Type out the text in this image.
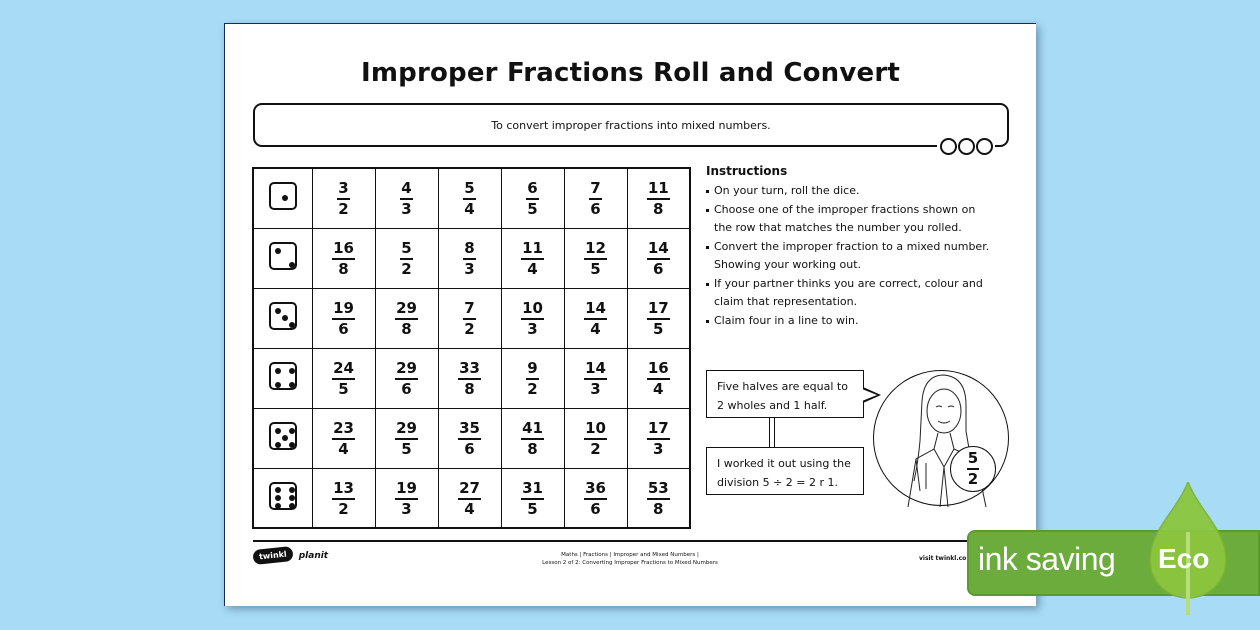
Improper Fractions Roll and Convert
To convert improper fractions into mixed numbers.

	$\frac{3}{2}$	$\frac{4}{3}$	$\frac{5}{4}$	$\frac{6}{5}$	$\frac{7}{6}$	$\frac{11}{8}$

	$\frac{16}{8}$	$\frac{5}{2}$	$\frac{8}{3}$	$\frac{11}{4}$	$\frac{12}{5}$	$\frac{14}{6}$

	$\frac{19}{6}$	$\frac{29}{8}$	$\frac{7}{2}$	$\frac{10}{3}$	$\frac{14}{4}$	$\frac{17}{5}$

	$\frac{24}{5}$	$\frac{29}{6}$	$\frac{33}{8}$	$\frac{9}{2}$	$\frac{14}{3}$	$\frac{16}{4}$

	$\frac{23}{4}$	$\frac{29}{5}$	$\frac{35}{6}$	$\frac{41}{8}$	$\frac{10}{2}$	$\frac{17}{3}$

	$\frac{13}{2}$	$\frac{19}{3}$	$\frac{27}{4}$	$\frac{31}{5}$	$\frac{36}{6}$	$\frac{53}{8}$
Instructions
On your turn, roll the dice.
Choose one of the improper fractions shown on the row that matches the number you rolled.
Convert the improper fraction to a mixed number. Showing your working out.
If your partner thinks you are correct, colour and claim that representation.
Claim four in a line to win.
Five halves are equal to 2 wholes and 1 half.
I worked it out using the division 5 ÷ 2 = 2 r 1.	$\frac{5}{2}$
twinkl	planit	Maths | Fractions | Improper and Mixed Numbers |
Lesson 2 of 2: Converting Improper Fractions to Mixed Numbers
visit twinkl.co ink saving Eco
